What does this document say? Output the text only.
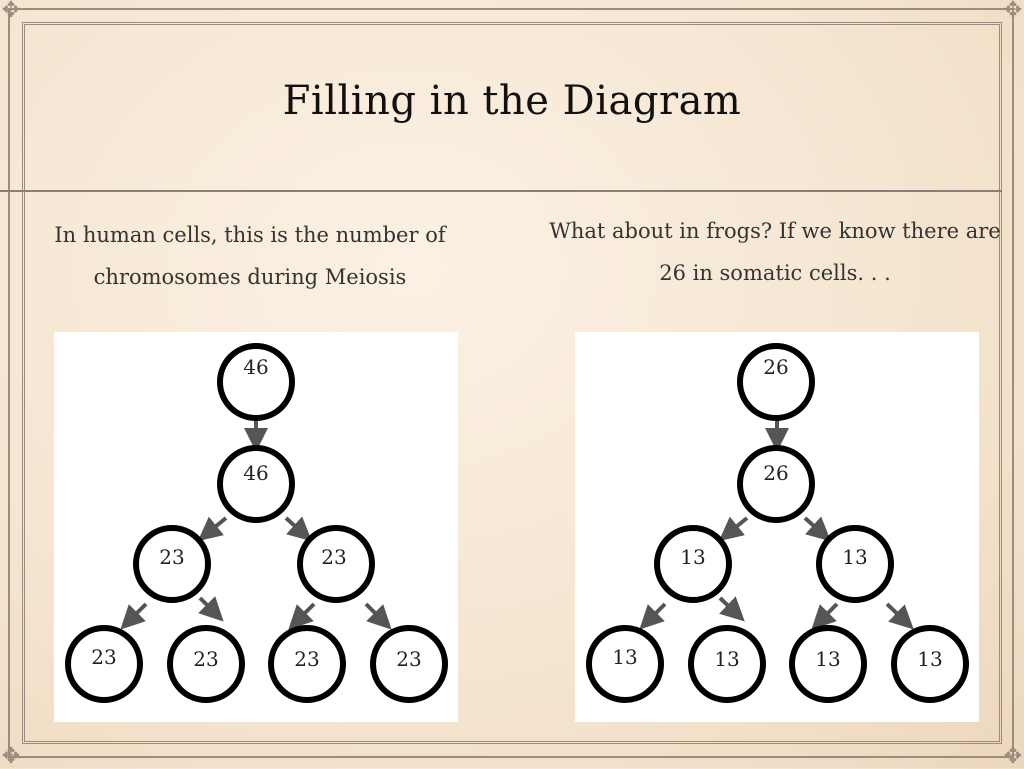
✥	✥
✥	✥
Filling in the Diagram
In human cells, this is the number of chromosomes during Meiosis
What about in frogs? If we know there are 26 in somatic cells. . .
46
46
23	23
23	23	23	23
26
26
13	13
13	13	13	13
